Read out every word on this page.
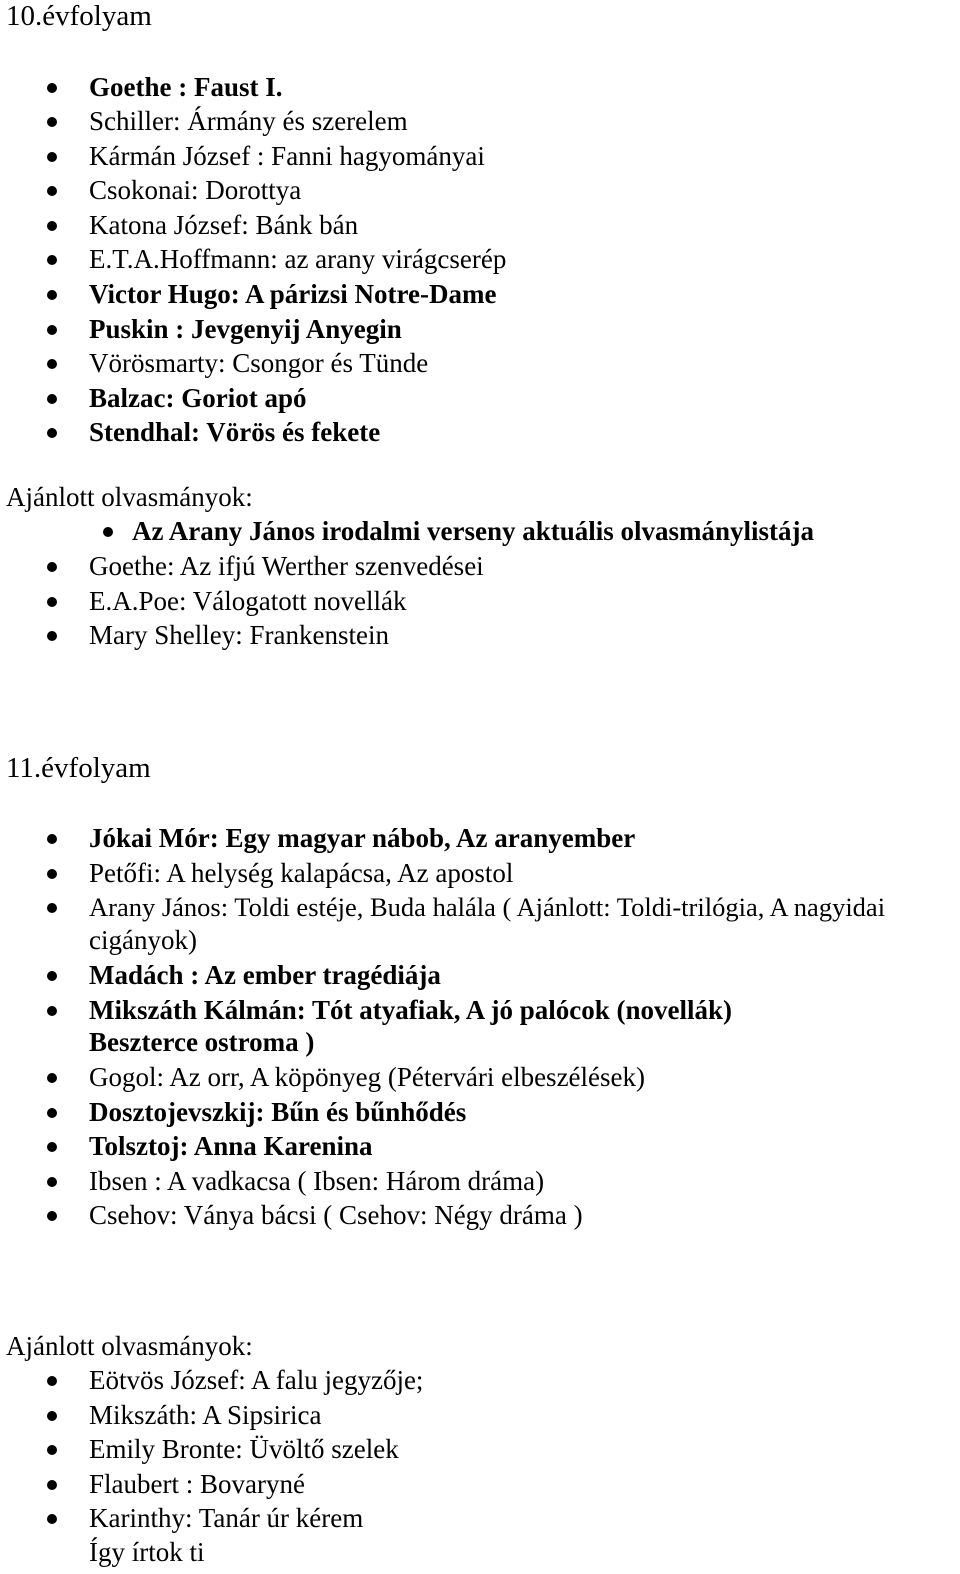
10.évfolyam
Goethe : Faust I.
Schiller: Ármány és szerelem
Kármán József : Fanni hagyományai
Csokonai: Dorottya
Katona József: Bánk bán
E.T.A.Hoffmann: az arany virágcserép
Victor Hugo: A párizsi Notre-Dame
Puskin : Jevgenyij Anyegin
Vörösmarty: Csongor és Tünde
Balzac: Goriot apó
Stendhal: Vörös és fekete
Ajánlott olvasmányok:
Az Arany János irodalmi verseny aktuális olvasmánylistája
Goethe: Az ifjú Werther szenvedései
E.A.Poe: Válogatott novellák
Mary Shelley: Frankenstein
11.évfolyam
Jókai Mór: Egy magyar nábob, Az aranyember
Petőfi: A helység kalapácsa, Az apostol
Arany János: Toldi estéje, Buda halála ( Ajánlott: Toldi-trilógia, A nagyidai
cigányok)
Madách : Az ember tragédiája
Mikszáth Kálmán: Tót atyafiak, A jó palócok (novellák)
Beszterce ostroma )
Gogol: Az orr, A köpönyeg (Pétervári elbeszélések)
Dosztojevszkij: Bűn és bűnhődés
Tolsztoj: Anna Karenina
Ibsen : A vadkacsa ( Ibsen: Három dráma)
Csehov: Ványa bácsi ( Csehov: Négy dráma )
Ajánlott olvasmányok:
Eötvös József: A falu jegyzője;
Mikszáth: A Sipsirica
Emily Bronte: Üvöltő szelek
Flaubert : Bovaryné
Karinthy: Tanár úr kérem
Így írtok ti
